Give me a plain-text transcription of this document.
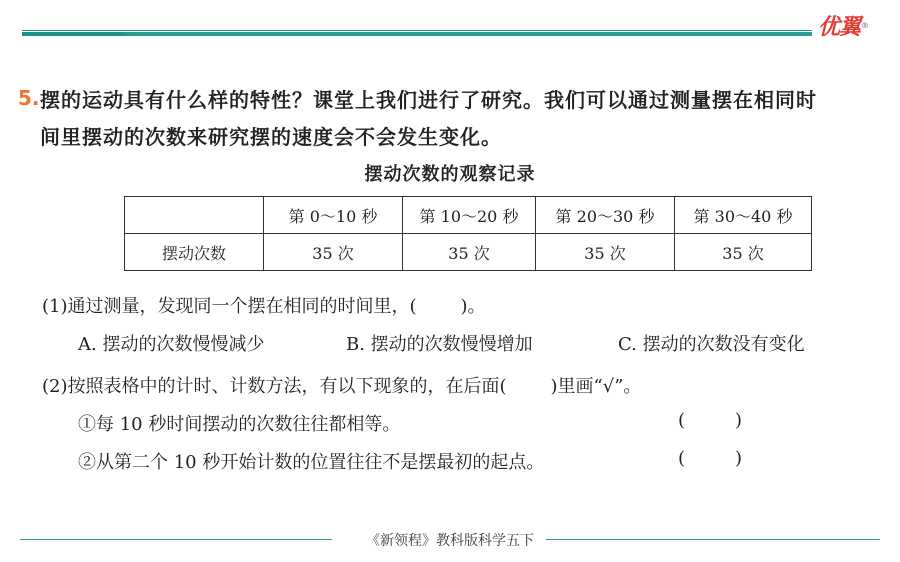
优翼 ®
5. 摆的运动具有什么样的特性？课堂上我们进行了研究。我们可以通过测量摆在相同时
间里摆动的次数来研究摆的速度会不会发生变化。
摆动次数的观察记录
	第 0～10 秒	第 10～20 秒	第 20～30 秒	第 30～40 秒
摆动次数	35 次	35 次	35 次	35 次
(1)通过测量，发现同一个摆在相同的时间里，( )。
A. 摆动的次数慢慢减少	B. 摆动的次数慢慢增加	C. 摆动的次数没有变化
(2)按照表格中的计时、计数方法，有以下现象的，在后面( )里画“√”。
①每 10 秒时间摆动的次数往往都相等。	(	)
②从第二个 10 秒开始计数的位置往往不是摆最初的起点。	(	)
《新领程》教科版科学五下
